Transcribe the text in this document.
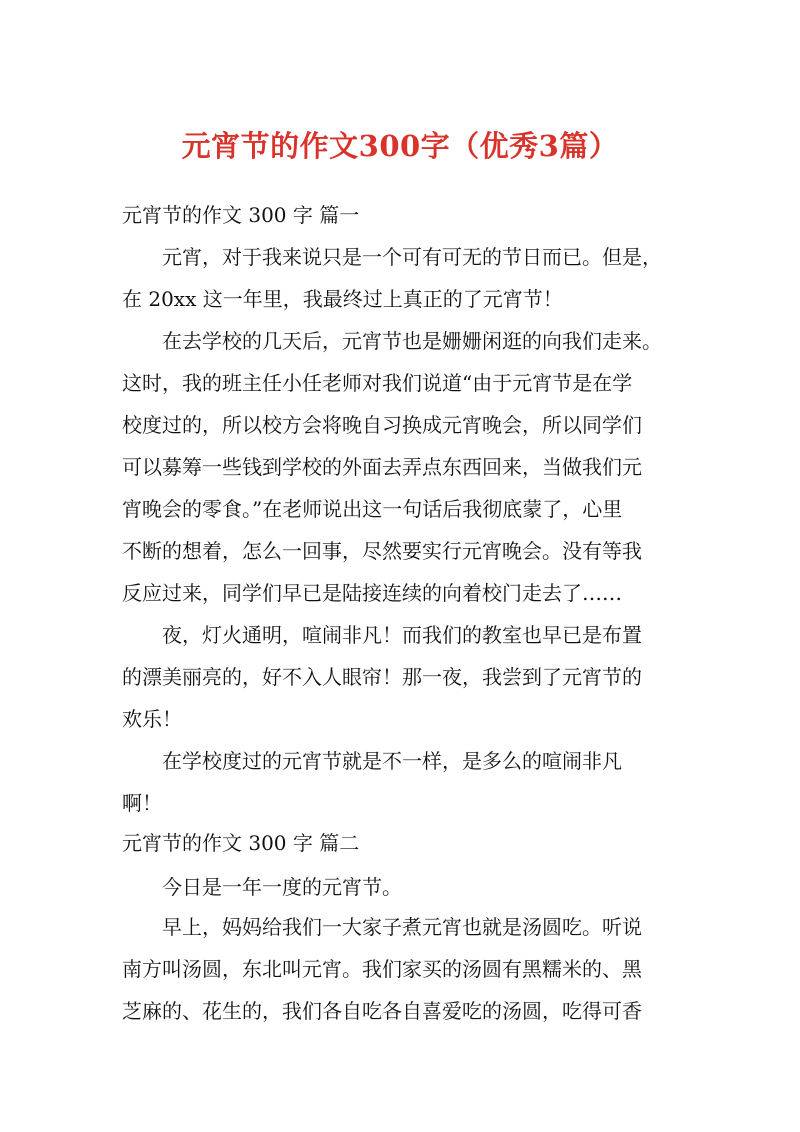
元宵节的作文300字（优秀3篇）
元宵节的作文 300 字 篇一
元宵，对于我来说只是一个可有可无的节日而已。但是，
在 20xx 这一年里，我最终过上真正的了元宵节！
在去学校的几天后，元宵节也是姗姗闲逛的向我们走来。
这时，我的班主任小任老师对我们说道“由于元宵节是在学
校度过的，所以校方会将晚自习换成元宵晚会，所以同学们
可以募筹一些钱到学校的外面去弄点东西回来，当做我们元
宵晚会的零食。”在老师说出这一句话后我彻底蒙了，心里
不断的想着，怎么一回事，尽然要实行元宵晚会。没有等我
反应过来，同学们早已是陆接连续的向着校门走去了……
夜，灯火通明，喧闹非凡！而我们的教室也早已是布置
的漂美丽亮的，好不入人眼帘！那一夜，我尝到了元宵节的
欢乐！
在学校度过的元宵节就是不一样，是多么的喧闹非凡
啊！
元宵节的作文 300 字 篇二
今日是一年一度的元宵节。
早上，妈妈给我们一大家子煮元宵也就是汤圆吃。听说
南方叫汤圆，东北叫元宵。我们家买的汤圆有黑糯米的、黑
芝麻的、花生的，我们各自吃各自喜爱吃的汤圆，吃得可香
